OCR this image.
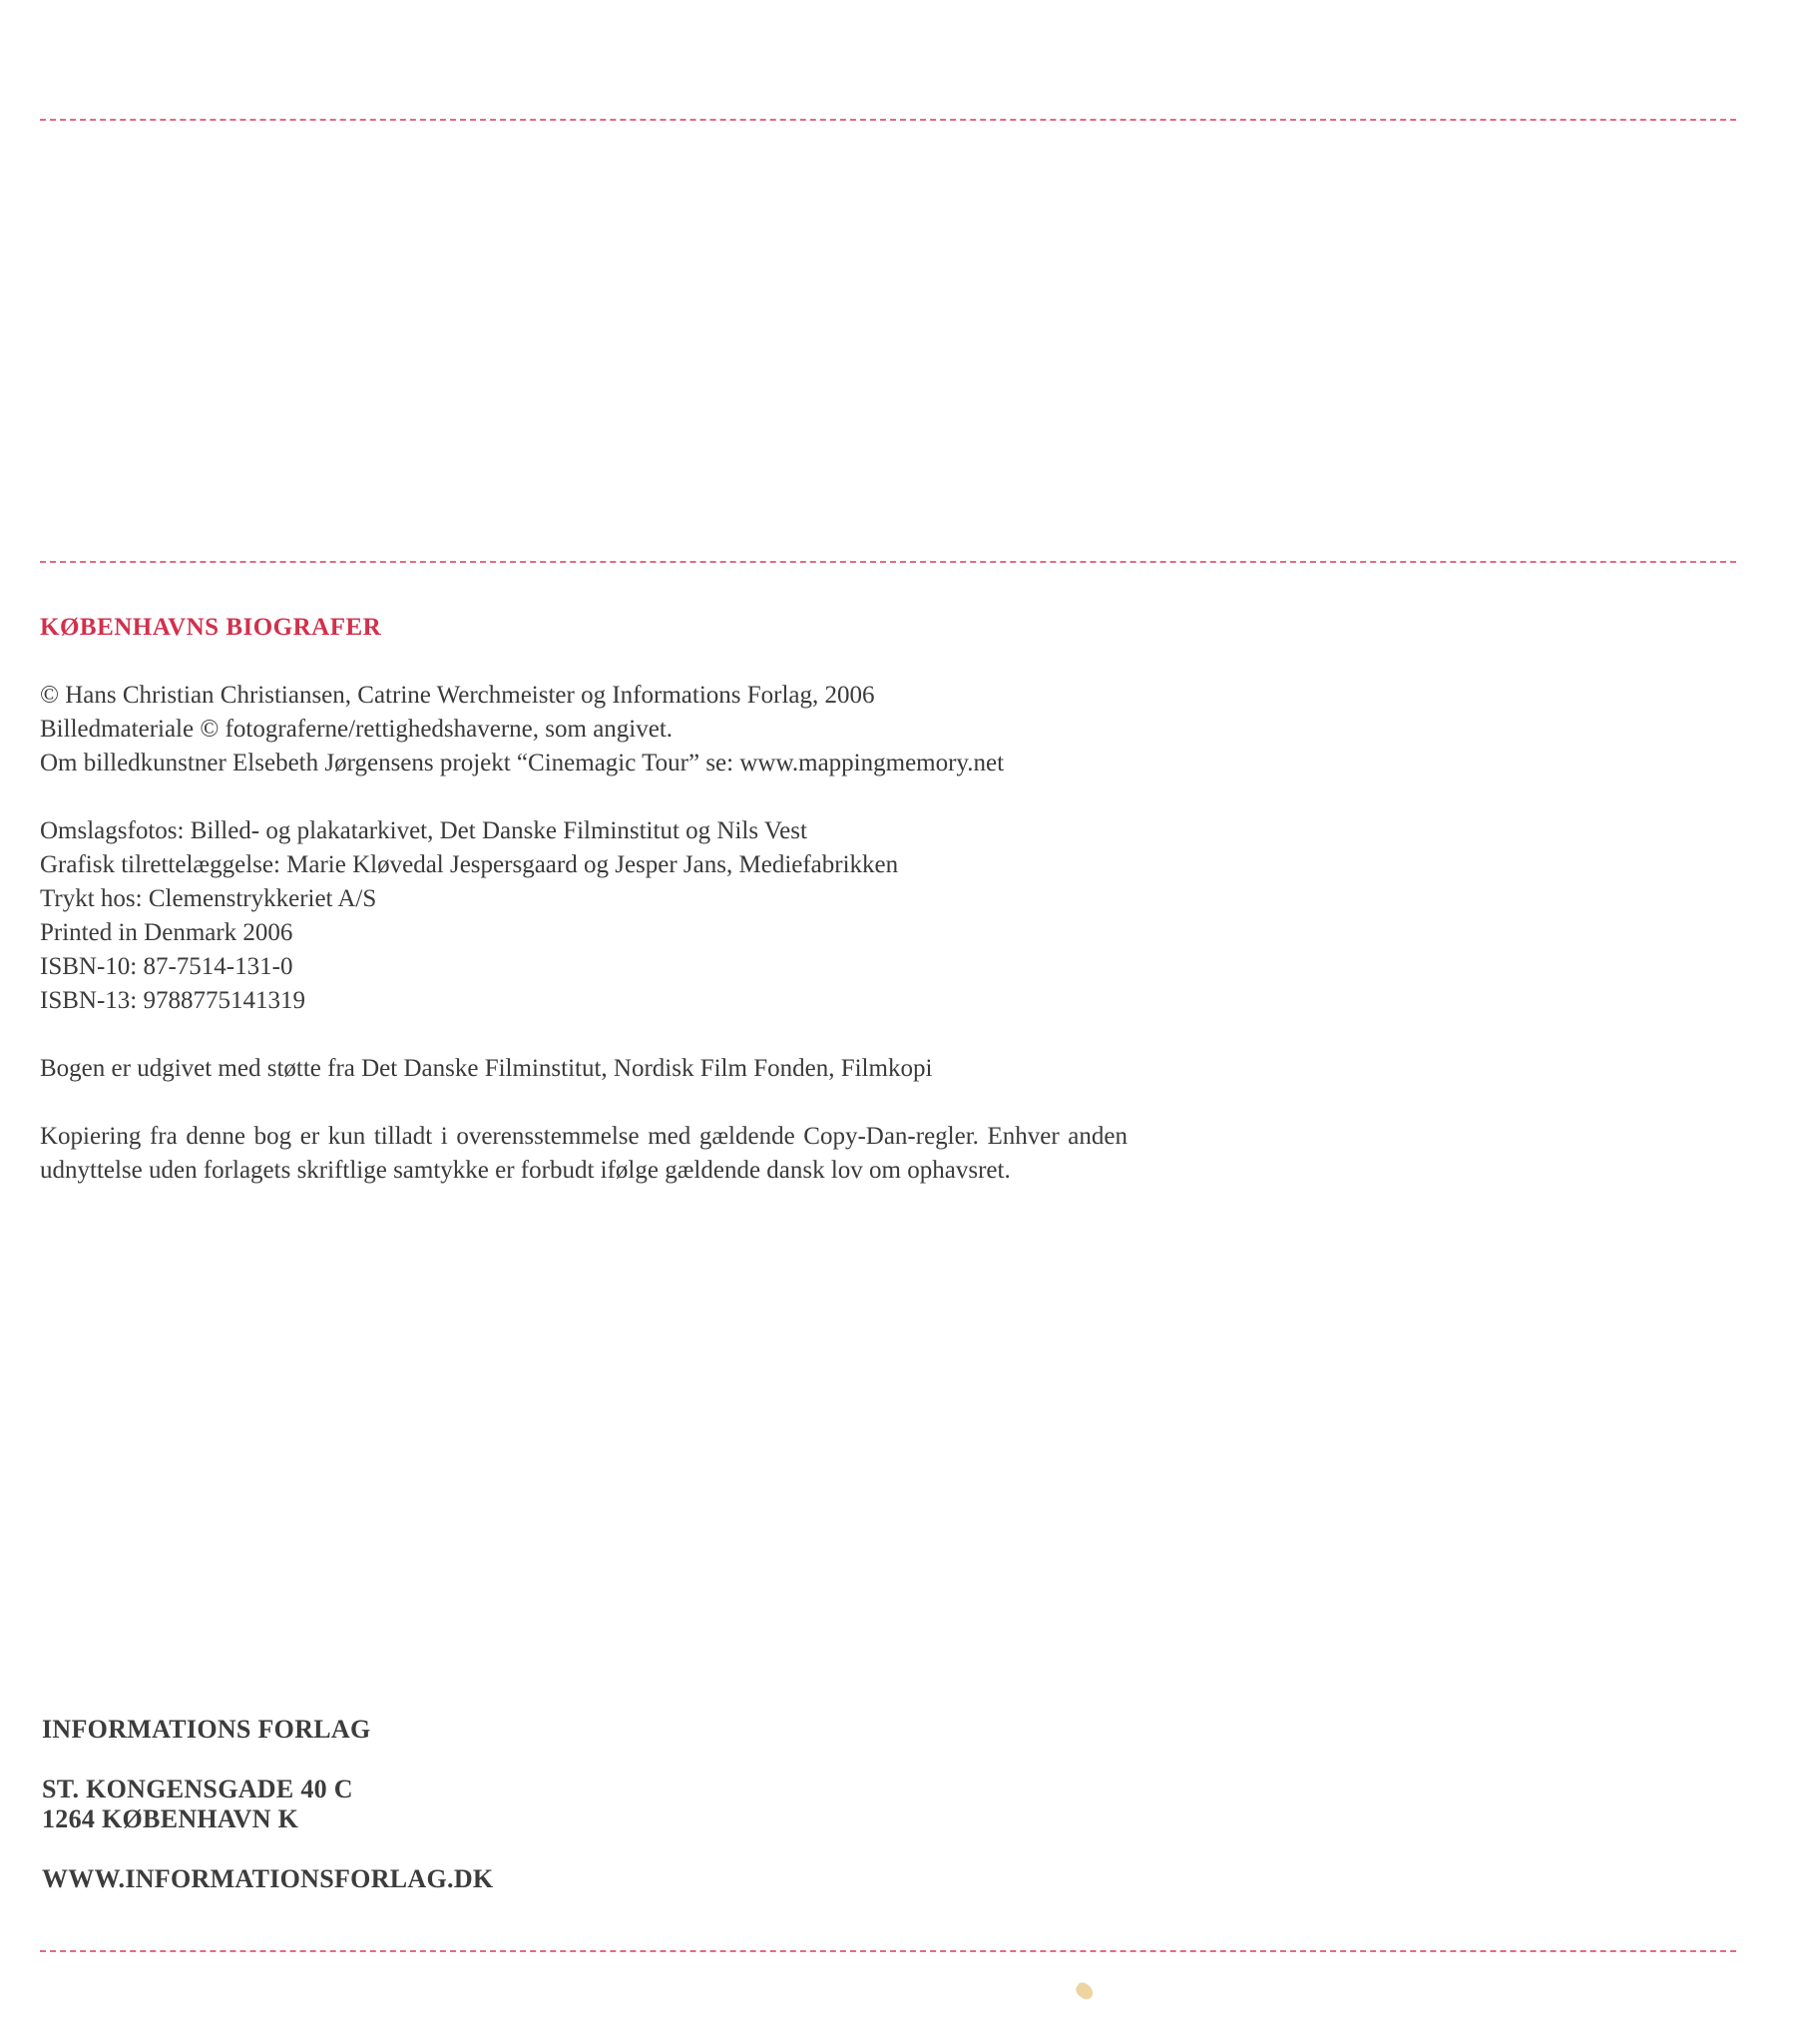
KØBENHAVNS BIOGRAFER
© Hans Christian Christiansen, Catrine Werchmeister og Informations Forlag, 2006
Billedmateriale © fotograferne/rettighedshaverne, som angivet.
Om billedkunstner Elsebeth Jørgensens projekt “Cinemagic Tour” se: www.mappingmemory.net
Omslagsfotos: Billed- og plakatarkivet, Det Danske Filminstitut og Nils Vest
Grafisk tilrettelæggelse: Marie Kløvedal Jespersgaard og Jesper Jans, Mediefabrikken
Trykt hos: Clemenstrykkeriet A/S
Printed in Denmark 2006
ISBN-10: 87-7514-131-0
ISBN-13: 9788775141319
Bogen er udgivet med støtte fra Det Danske Filminstitut, Nordisk Film Fonden, Filmkopi
Kopiering fra denne bog er kun tilladt i overensstemmelse med gældende Copy-Dan-regler. Enhver anden udnyttelse uden forlagets skriftlige samtykke er forbudt ifølge gældende dansk lov om ophavsret.
INFORMATIONS FORLAG
ST. KONGENSGADE 40 C
1264 KØBENHAVN K
WWW.INFORMATIONSFORLAG.DK
